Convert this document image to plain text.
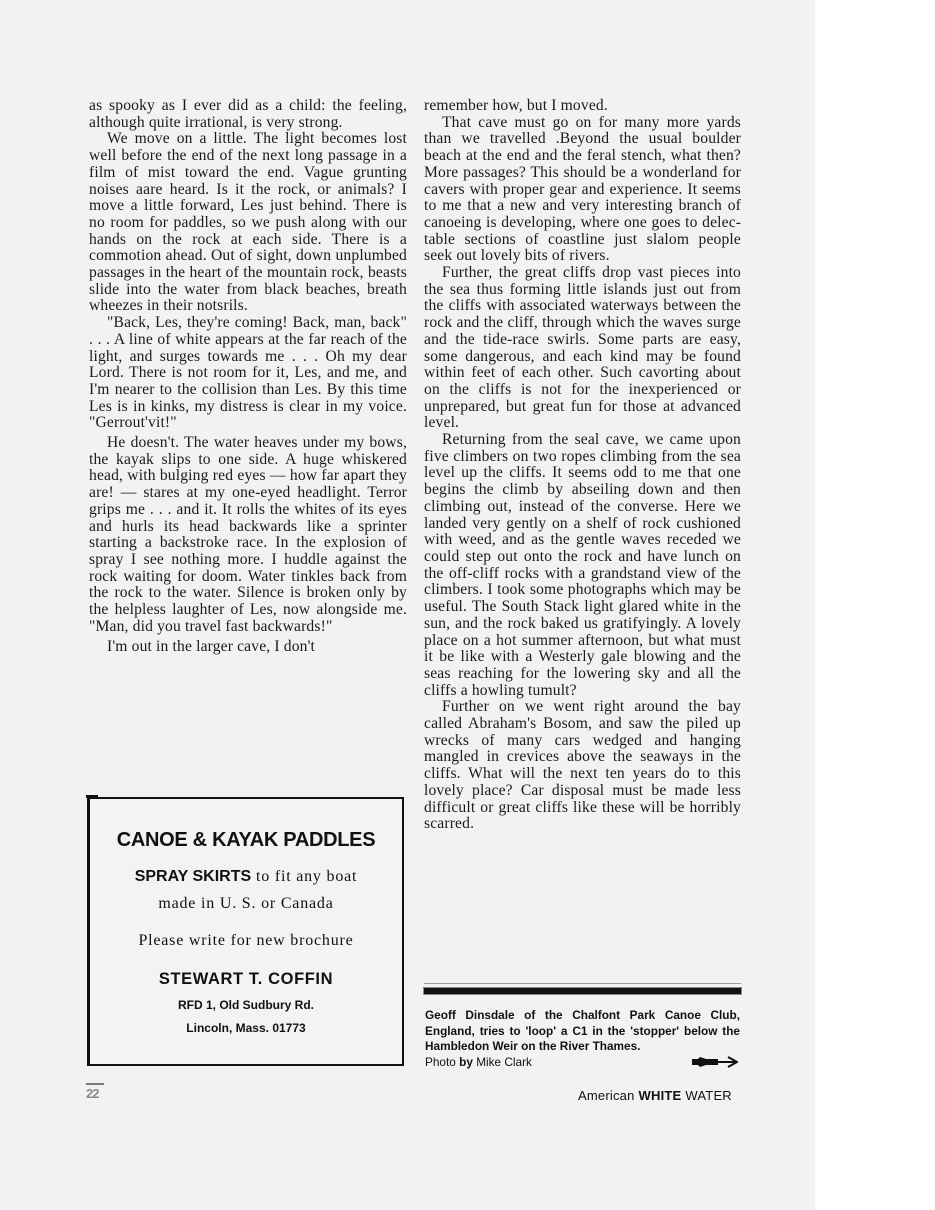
as spooky as I ever did as a child: the feeling, although quite irrational, is very strong.

We move on a little. The light becomes lost well before the end of the next long passage in a film of mist toward the end. Vague grunting noises aare heard. Is it the rock, or animals? I move a little forward, Les just behind. There is no room for paddles, so we push along with our hands on the rock at each side. There is a commotion ahead. Out of sight, down unplumbed passages in the heart of the mountain rock, beasts slide into the water from black beaches, breath wheezes in their notsrils.

"Back, Les, they're coming! Back, man, back" . . . A line of white appears at the far reach of the light, and surges towards me . . . Oh my dear Lord. There is not room for it, Les, and me, and I'm nearer to the collision than Les. By this time Les is in kinks, my distress is clear in my voice. "Gerrout'vit!"

He doesn't. The water heaves under my bows, the kayak slips to one side. A huge whiskered head, with bulging red eyes — how far apart they are! — stares at my one-eyed headlight. Terror grips me . . . and it. It rolls the whites of its eyes and hurls its head backwards like a sprinter starting a backstroke race. In the explosion of spray I see nothing more. I huddle against the rock waiting for doom. Water tinkles back from the rock to the water. Silence is broken only by the helpless laughter of Les, now alongside me. "Man, did you travel fast backwards!"

I'm out in the larger cave, I don't

CANOE & KAYAK PADDLES
SPRAY SKIRTS to fit any boat
made in U. S. or Canada
Please write for new brochure
STEWART T. COFFIN
RFD 1, Old Sudbury Rd.
Lincoln, Mass. 01773

remember how, but I moved.

That cave must go on for many more yards than we travelled .Beyond the usual boulder beach at the end and the feral stench, what then? More passages? This should be a wonderland for cavers with proper gear and experience. It seems to me that a new and very interesting branch of canoeing is developing, where one goes to delectable sections of coastline just slalom people seek out lovely bits of rivers.

Further, the great cliffs drop vast pieces into the sea thus forming little islands just out from the cliffs with associated waterways between the rock and the cliff, through which the waves surge and the tide-race swirls. Some parts are easy, some dangerous, and each kind may be found within feet of each other. Such cavorting about on the cliffs is not for the inexperienced or unprepared, but great fun for those at advanced level.

Returning from the seal cave, we came upon five climbers on two ropes climbing from the sea level up the cliffs. It seems odd to me that one begins the climb by abseiling down and then climbing out, instead of the converse. Here we landed very gently on a shelf of rock cushioned with weed, and as the gentle waves receded we could step out onto the rock and have lunch on the off-cliff rocks with a grandstand view of the climbers. I took some photographs which may be useful. The South Stack light glared white in the sun, and the rock baked us gratifyingly. A lovely place on a hot summer afternoon, but what must it be like with a Westerly gale blowing and the seas reaching for the lowering sky and all the cliffs a howling tumult?

Further on we went right around the bay called Abraham's Bosom, and saw the piled up wrecks of many cars wedged and hanging mangled in crevices above the seaways in the cliffs. What will the next ten years do to this lovely place? Car disposal must be made less difficult or great cliffs like these will be horribly scarred.

Geoff Dinsdale of the Chalfont Park Canoe Club, England, tries to 'loop' a C1 in the 'stopper' below the Hambledon Weir on the River Thames.
Photo by Mike Clark
22	American WHITE WATER
